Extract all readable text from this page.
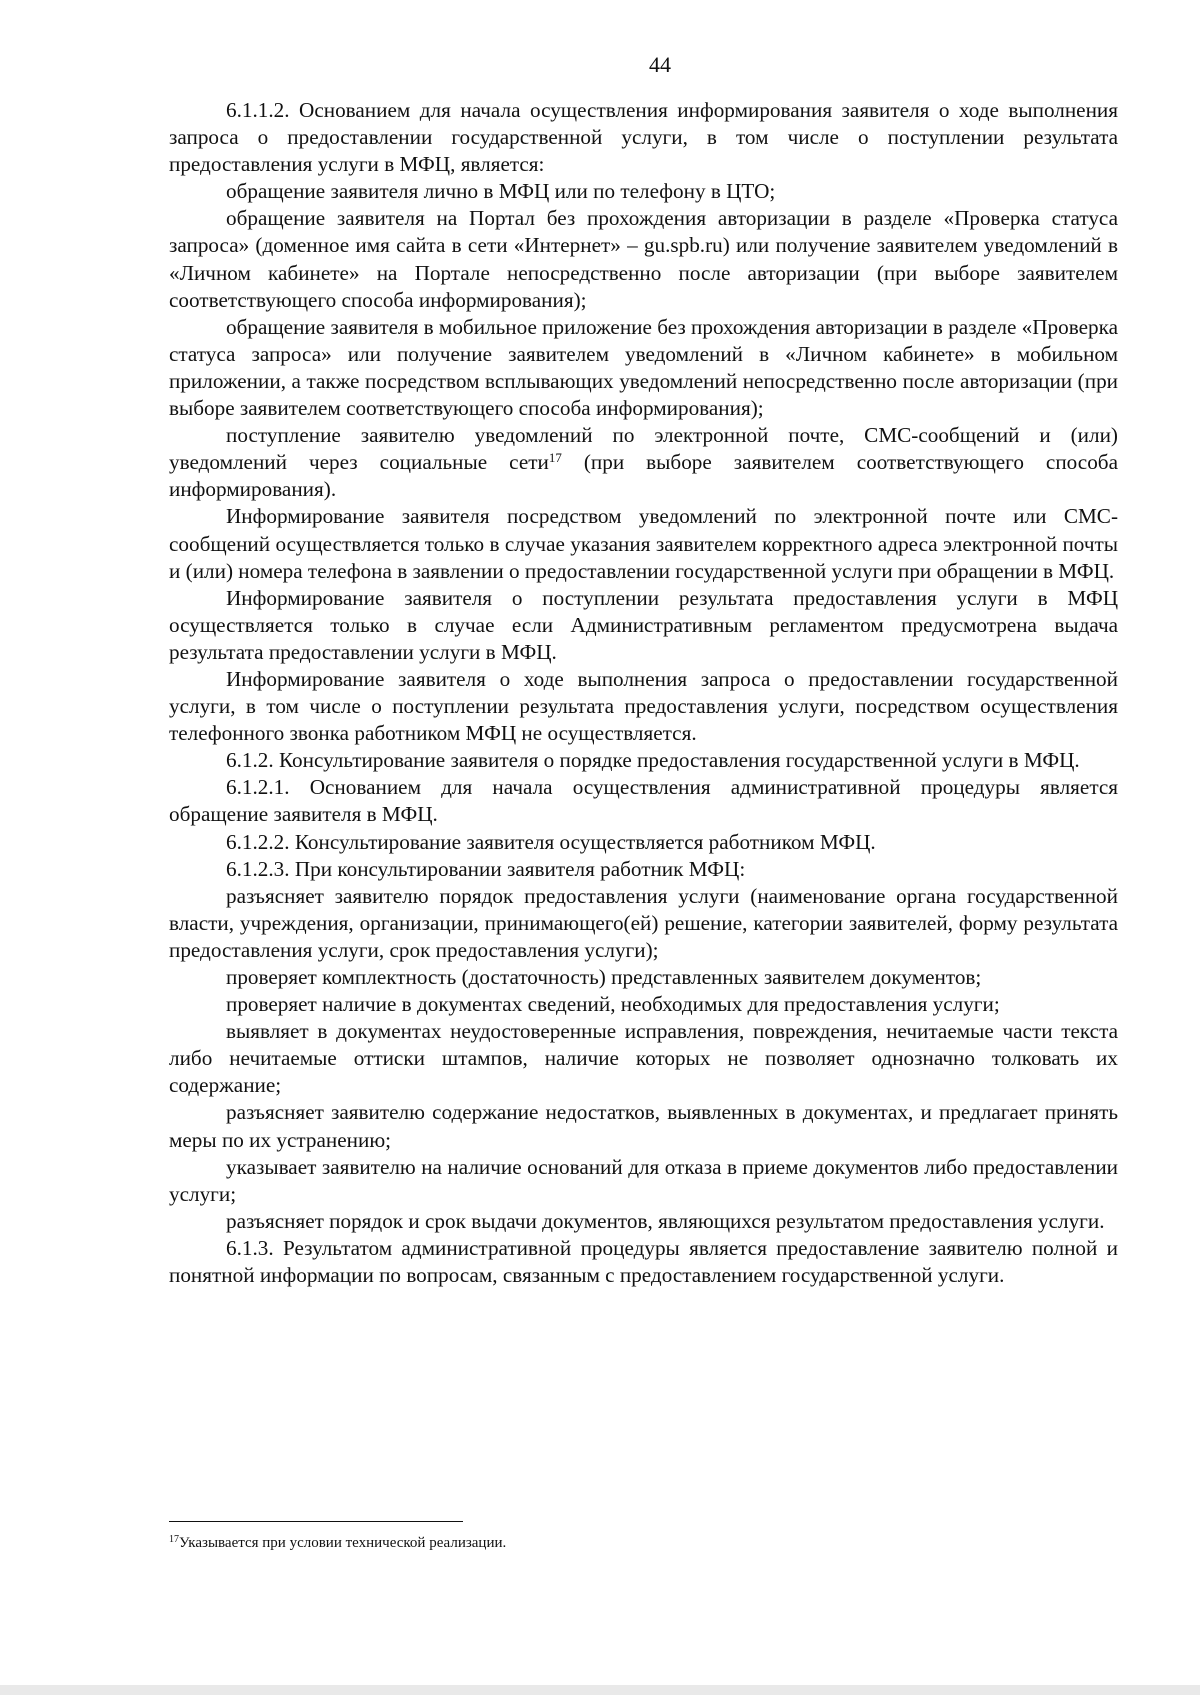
44

6.1.1.2. Основанием для начала осуществления информирования заявителя о ходе выполнения запроса о предоставлении государственной услуги, в том числе о поступлении результата предоставления услуги в МФЦ, является:

обращение заявителя лично в МФЦ или по телефону в ЦТО;

обращение заявителя на Портал без прохождения авторизации в разделе «Проверка статуса запроса» (доменное имя сайта в сети «Интернет» – gu.spb.ru) или получение заявителем уведомлений в «Личном кабинете» на Портале непосредственно после авторизации (при выборе заявителем соответствующего способа информирования);

обращение заявителя в мобильное приложение без прохождения авторизации в разделе «Проверка статуса запроса» или получение заявителем уведомлений в «Личном кабинете» в мобильном приложении, а также посредством всплывающих уведомлений непосредственно после авторизации (при выборе заявителем соответствующего способа информирования);

поступление заявителю уведомлений по электронной почте, СМС-сообщений и (или) уведомлений через социальные сети$^{17}$ (при выборе заявителем соответствующего способа информирования).

Информирование заявителя посредством уведомлений по электронной почте или СМС-сообщений осуществляется только в случае указания заявителем корректного адреса электронной почты и (или) номера телефона в заявлении о предоставлении государственной услуги при обращении в МФЦ.

Информирование заявителя о поступлении результата предоставления услуги в МФЦ осуществляется только в случае если Административным регламентом предусмотрена выдача результата предоставлении услуги в МФЦ.

Информирование заявителя о ходе выполнения запроса о предоставлении государственной услуги, в том числе о поступлении результата предоставления услуги, посредством осуществления телефонного звонка работником МФЦ не осуществляется.

6.1.2. Консультирование заявителя о порядке предоставления государственной услуги в МФЦ.

6.1.2.1. Основанием для начала осуществления административной процедуры является обращение заявителя в МФЦ.

6.1.2.2. Консультирование заявителя осуществляется работником МФЦ.

6.1.2.3. При консультировании заявителя работник МФЦ:

разъясняет заявителю порядок предоставления услуги (наименование органа государственной власти, учреждения, организации, принимающего(ей) решение, категории заявителей, форму результата предоставления услуги, срок предоставления услуги);

проверяет комплектность (достаточность) представленных заявителем документов;

проверяет наличие в документах сведений, необходимых для предоставления услуги;

выявляет в документах неудостоверенные исправления, повреждения, нечитаемые части текста либо нечитаемые оттиски штампов, наличие которых не позволяет однозначно толковать их содержание;

разъясняет заявителю содержание недостатков, выявленных в документах, и предлагает принять меры по их устранению;

указывает заявителю на наличие оснований для отказа в приеме документов либо предоставлении услуги;

разъясняет порядок и срок выдачи документов, являющихся результатом предоставления услуги.

6.1.3. Результатом административной процедуры является предоставление заявителю полной и понятной информации по вопросам, связанным с предоставлением государственной услуги.

$^{17}$Указывается при условии технической реализации.
